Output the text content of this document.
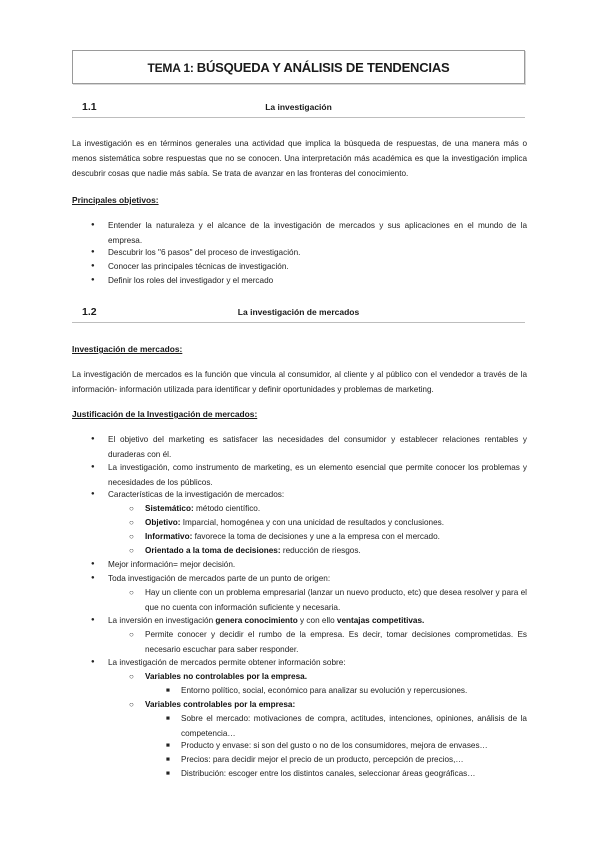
TEMA 1: BÚSQUEDA Y ANÁLISIS DE TENDENCIAS
1.1	La investigación
La investigación es en términos generales una actividad que implica la búsqueda de respuestas, de una manera más o menos sistemática sobre respuestas que no se conocen. Una interpretación más académica es que la investigación implica descubrir cosas que nadie más sabía. Se trata de avanzar en las fronteras del conocimiento.
Principales objetivos:
● Entender la naturaleza y el alcance de la investigación de mercados y sus aplicaciones en el mundo de la empresa.
● Descubrir los "6 pasos" del proceso de investigación.
● Conocer las principales técnicas de investigación.
● Definir los roles del investigador y el mercado
1.2	La investigación de mercados
Investigación de mercados:
La investigación de mercados es la función que vincula al consumidor, al cliente y al público con el vendedor a través de la información- información utilizada para identificar y definir oportunidades y problemas de marketing.
Justificación de la Investigación de mercados:
● El objetivo del marketing es satisfacer las necesidades del consumidor y establecer relaciones rentables y duraderas con él.
● La investigación, como instrumento de marketing, es un elemento esencial que permite conocer los problemas y necesidades de los públicos.
● Características de la investigación de mercados:
○ Sistemático: método científico.
○ Objetivo: Imparcial, homogénea y con una unicidad de resultados y conclusiones.
○ Informativo: favorece la toma de decisiones y une a la empresa con el mercado.
○ Orientado a la toma de decisiones: reducción de riesgos.
● Mejor información= mejor decisión.
● Toda investigación de mercados parte de un punto de origen:
○ Hay un cliente con un problema empresarial (lanzar un nuevo producto, etc) que desea resolver y para el que no cuenta con información suficiente y necesaria.
● La inversión en investigación genera conocimiento y con ello ventajas competitivas.
○ Permite conocer y decidir el rumbo de la empresa. Es decir, tomar decisiones comprometidas. Es necesario escuchar para saber responder.
● La investigación de mercados permite obtener información sobre:
○ Variables no controlables por la empresa.
■ Entorno político, social, económico para analizar su evolución y repercusiones.
○ Variables controlables por la empresa:
■ Sobre el mercado: motivaciones de compra, actitudes, intenciones, opiniones, análisis de la competencia…
■ Producto y envase: si son del gusto o no de los consumidores, mejora de envases…
■ Precios: para decidir mejor el precio de un producto, percepción de precios,…
■ Distribución: escoger entre los distintos canales, seleccionar áreas geográficas…
